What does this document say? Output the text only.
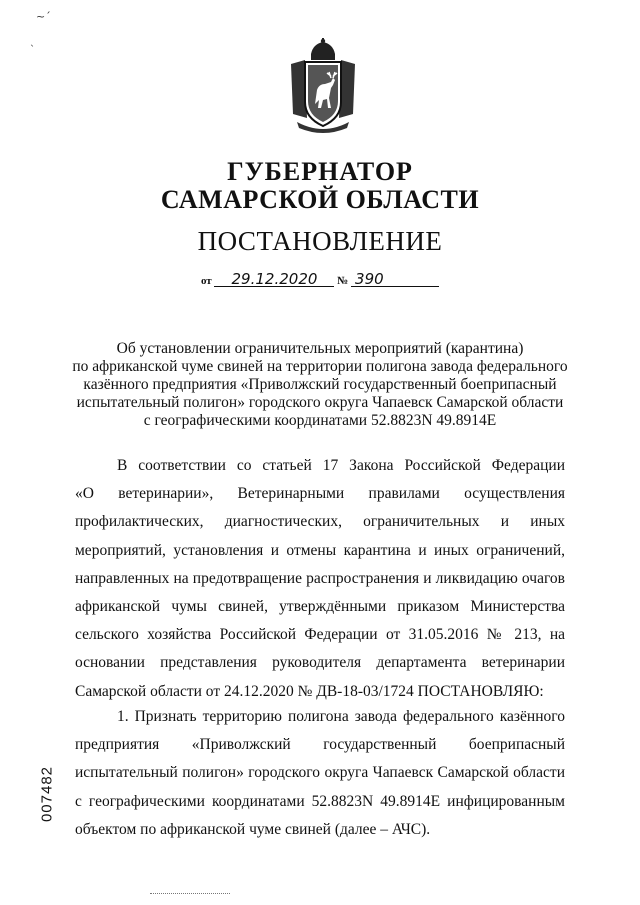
~ˊ
ˎ
ГУБЕРНАТОР
САМАРСКОЙ ОБЛАСТИ
ПОСТАНОВЛЕНИЕ
от 29.12.2020 № 390
Об установлении ограничительных мероприятий (карантина)
по африканской чуме свиней на территории полигона завода федерального
казённого предприятия «Приволжский государственный боеприпасный
испытательный полигон» городского округа Чапаевск Самарской области
с географическими координатами 52.8823N 49.8914E
В соответствии со статьей 17 Закона Российской Федерации
«О ветеринарии», Ветеринарными правилами осуществления
профилактических, диагностических, ограничительных и иных
мероприятий, установления и отмены карантина и иных ограничений,
направленных на предотвращение распространения и ликвидацию очагов
африканской чумы свиней, утверждёнными приказом Министерства
сельского хозяйства Российской Федерации от 31.05.2016 № 213, на
основании представления руководителя департамента ветеринарии
Самарской области от 24.12.2020 № ДВ-18-03/1724 ПОСТАНОВЛЯЮ:
1. Признать территорию полигона завода федерального казённого
предприятия «Приволжский государственный боеприпасный
испытательный полигон» городского округа Чапаевск Самарской области
с географическими координатами 52.8823N 49.8914E инфицированным
объектом по африканской чуме свиней (далее – АЧС).
007482
